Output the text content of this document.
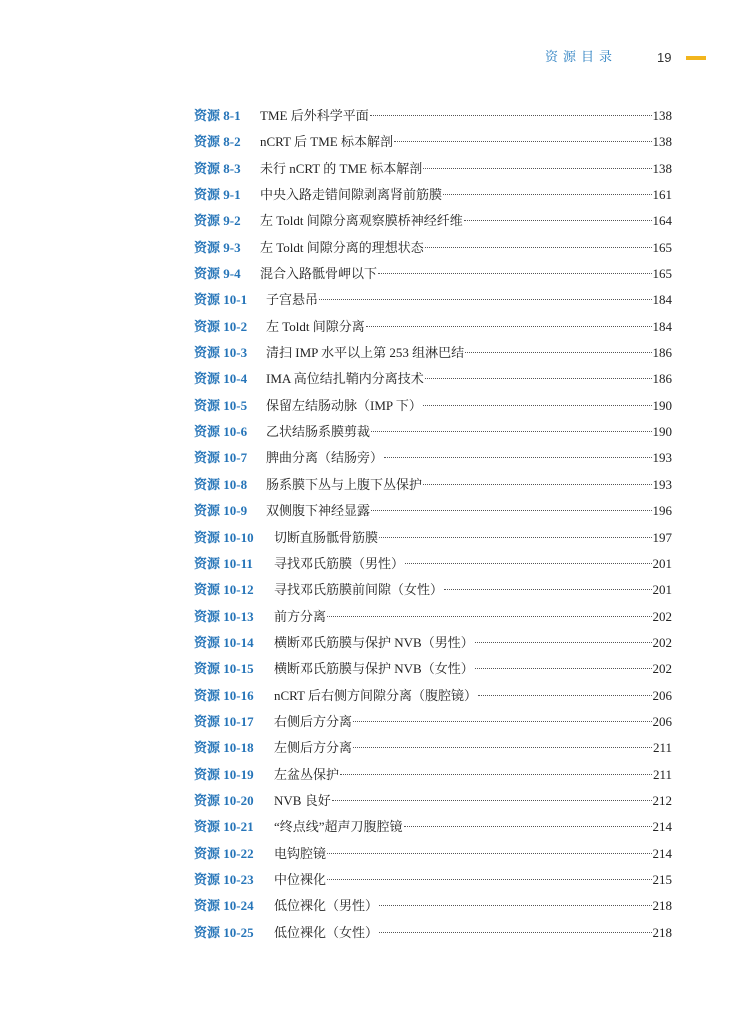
资源目录	19
资源 8-1	TME 后外科学平面	138
资源 8-2	nCRT 后 TME 标本解剖	138
资源 8-3	未行 nCRT 的 TME 标本解剖	138
资源 9-1	中央入路走错间隙剥离肾前筋膜	161
资源 9-2	左 Toldt 间隙分离观察膜桥神经纤维	164
资源 9-3	左 Toldt 间隙分离的理想状态	165
资源 9-4	混合入路骶骨岬以下	165
资源 10-1	子宫悬吊	184
资源 10-2	左 Toldt 间隙分离	184
资源 10-3	清扫 IMP 水平以上第 253 组淋巴结	186
资源 10-4	IMA 高位结扎鞘内分离技术	186
资源 10-5	保留左结肠动脉（IMP 下）	190
资源 10-6	乙状结肠系膜剪裁	190
资源 10-7	脾曲分离（结肠旁）	193
资源 10-8	肠系膜下丛与上腹下丛保护	193
资源 10-9	双侧腹下神经显露	196
资源 10-10	切断直肠骶骨筋膜	197
资源 10-11	寻找邓氏筋膜（男性）	201
资源 10-12	寻找邓氏筋膜前间隙（女性）	201
资源 10-13	前方分离	202
资源 10-14	横断邓氏筋膜与保护 NVB（男性）	202
资源 10-15	横断邓氏筋膜与保护 NVB（女性）	202
资源 10-16	nCRT 后右侧方间隙分离（腹腔镜）	206
资源 10-17	右侧后方分离	206
资源 10-18	左侧后方分离	211
资源 10-19	左盆丛保护	211
资源 10-20	NVB 良好	212
资源 10-21	“终点线”超声刀腹腔镜	214
资源 10-22	电钩腔镜	214
资源 10-23	中位裸化	215
资源 10-24	低位裸化（男性）	218
资源 10-25	低位裸化（女性）	218
